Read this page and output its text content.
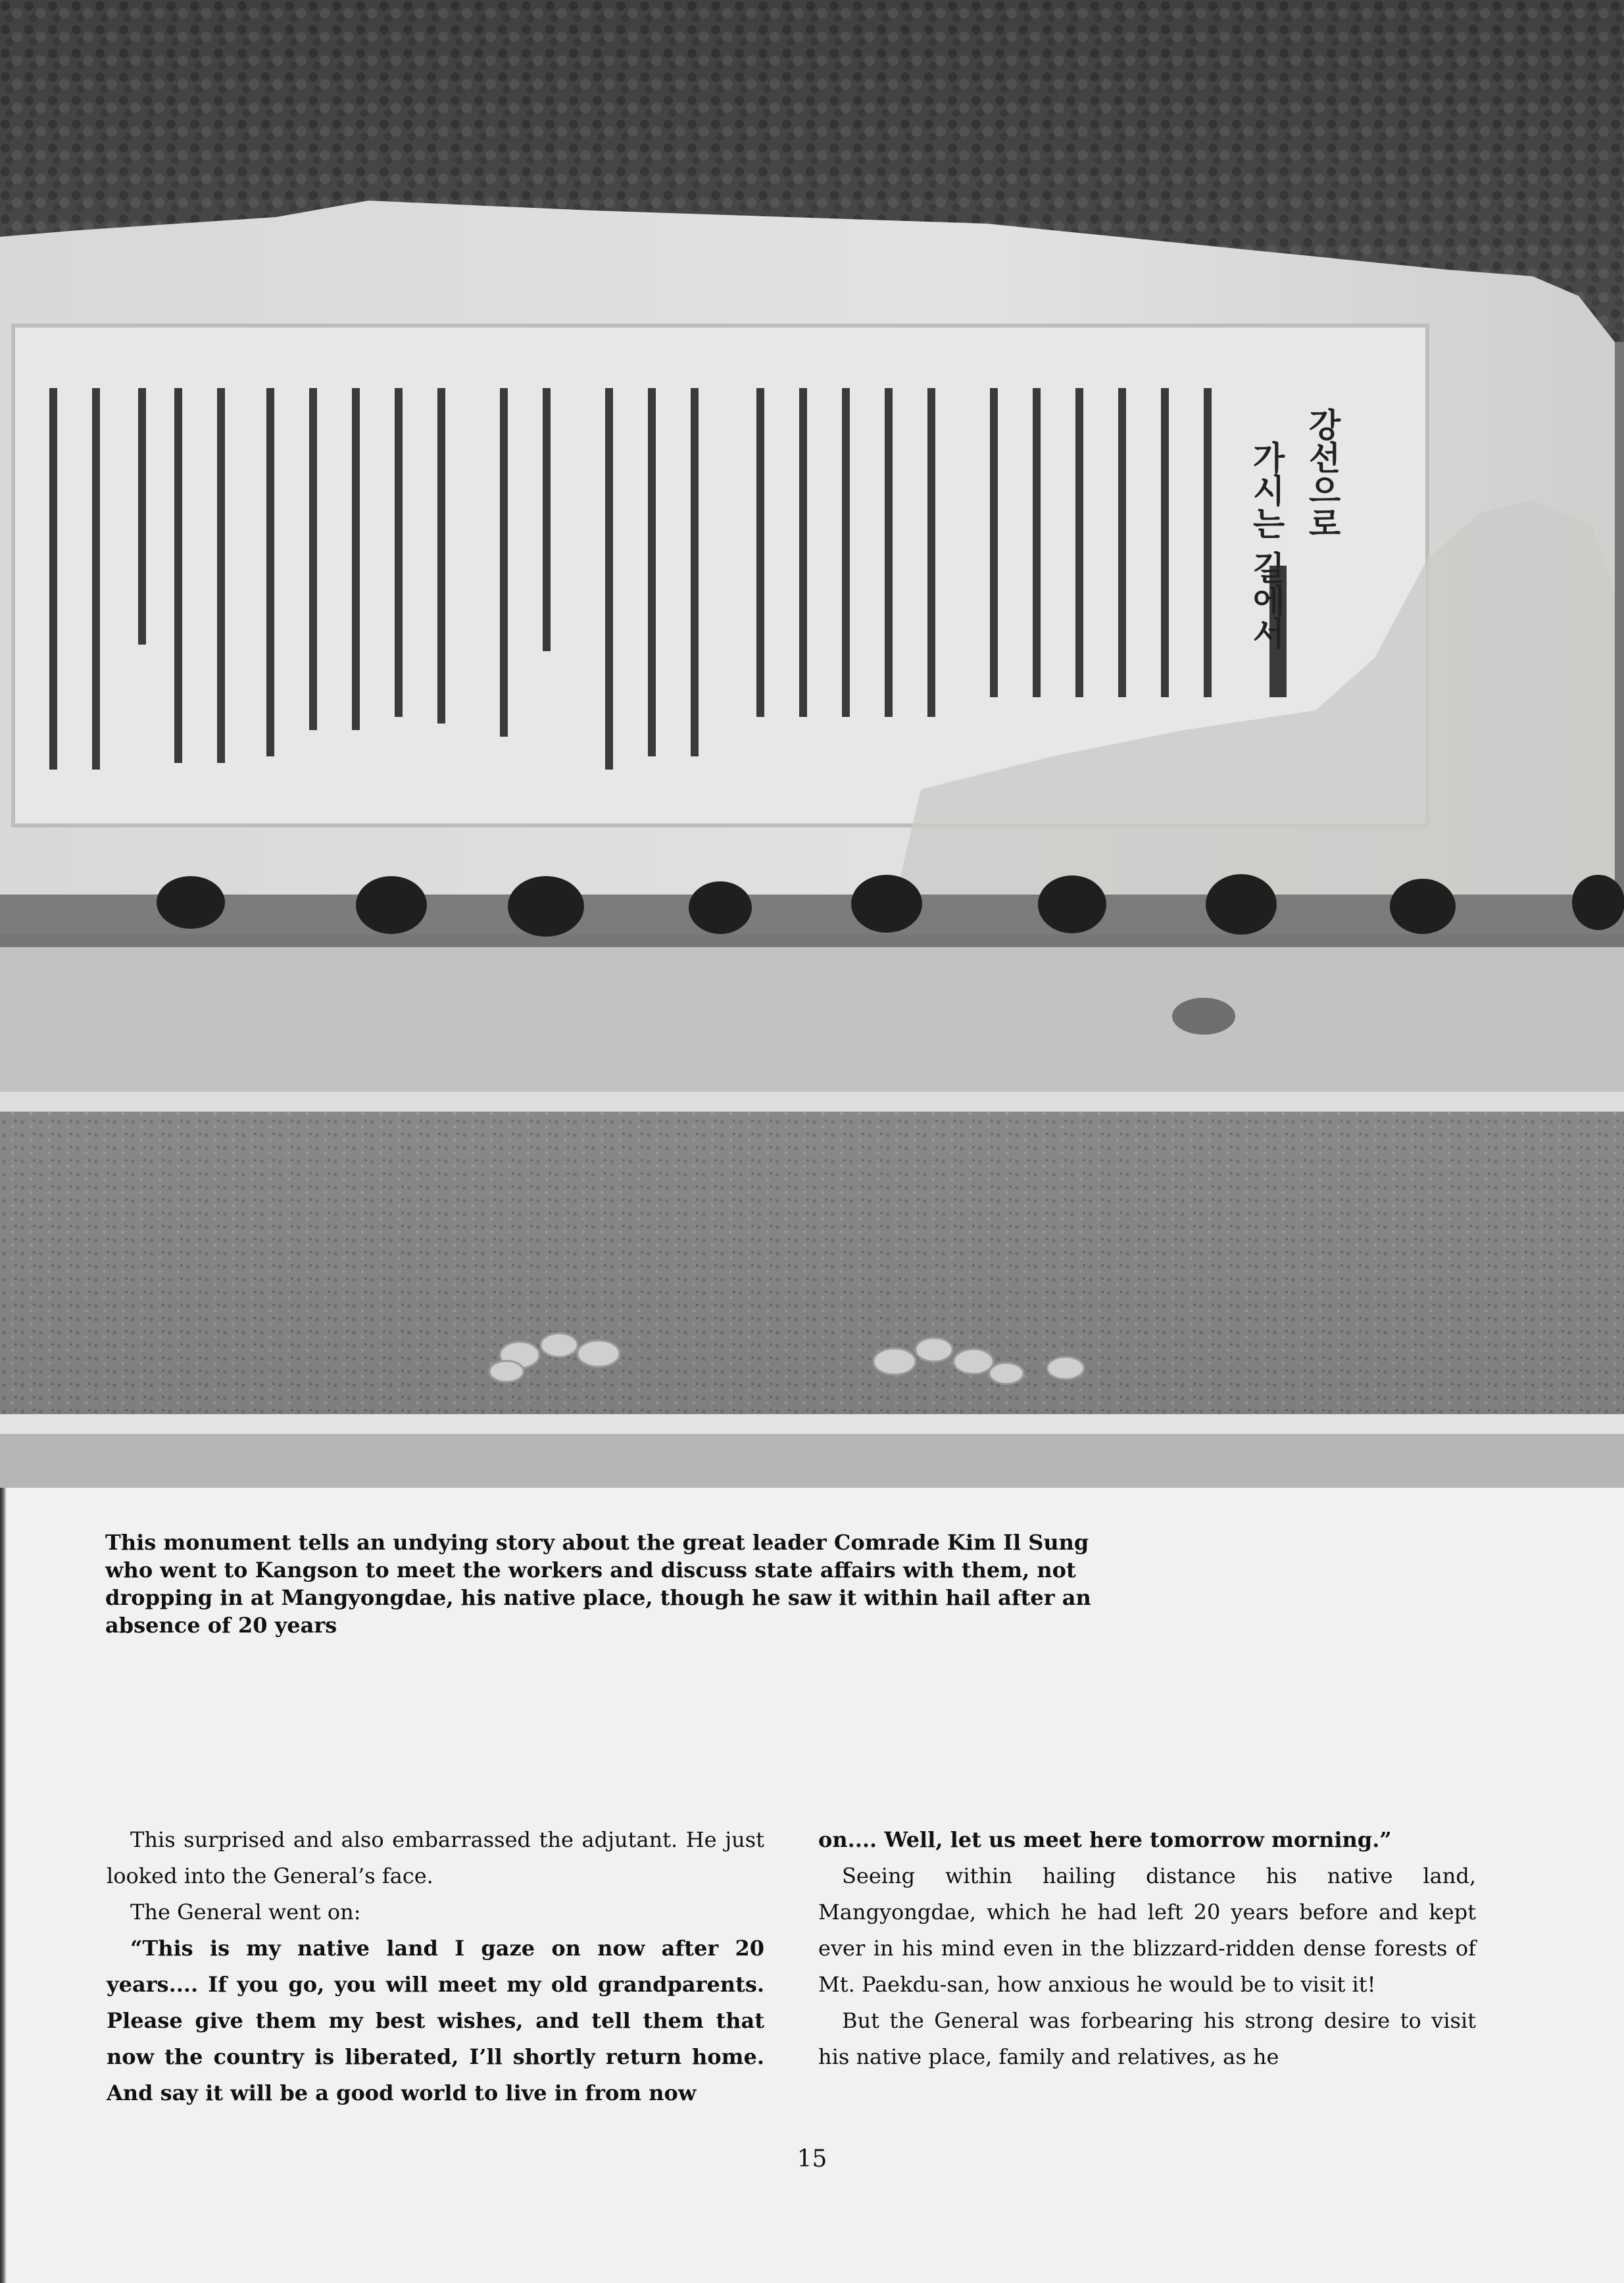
강선으로
가시는 길에서

This monument tells an undying story about the great leader Comrade Kim Il Sung who went to Kangson to meet the workers and discuss state affairs with them, not dropping in at Mangyongdae, his native place, though he saw it within hail after an absence of 20 years

This surprised and also embarrassed the adjutant. He just looked into the General’s face.

The General went on:

“This is my native land I gaze on now after 20 years.... If you go, you will meet my old grandparents. Please give them my best wishes, and tell them that now the country is liberated, I’ll shortly return home. And say it will be a good world to live in from now

on.... Well, let us meet here tomorrow morning.”

Seeing within hailing distance his native land, Mangyongdae, which he had left 20 years before and kept ever in his mind even in the blizzard-ridden dense forests of Mt. Paekdu-san, how anxious he would be to visit it!

But the General was forbearing his strong desire to visit his native place, family and relatives, as he

15
